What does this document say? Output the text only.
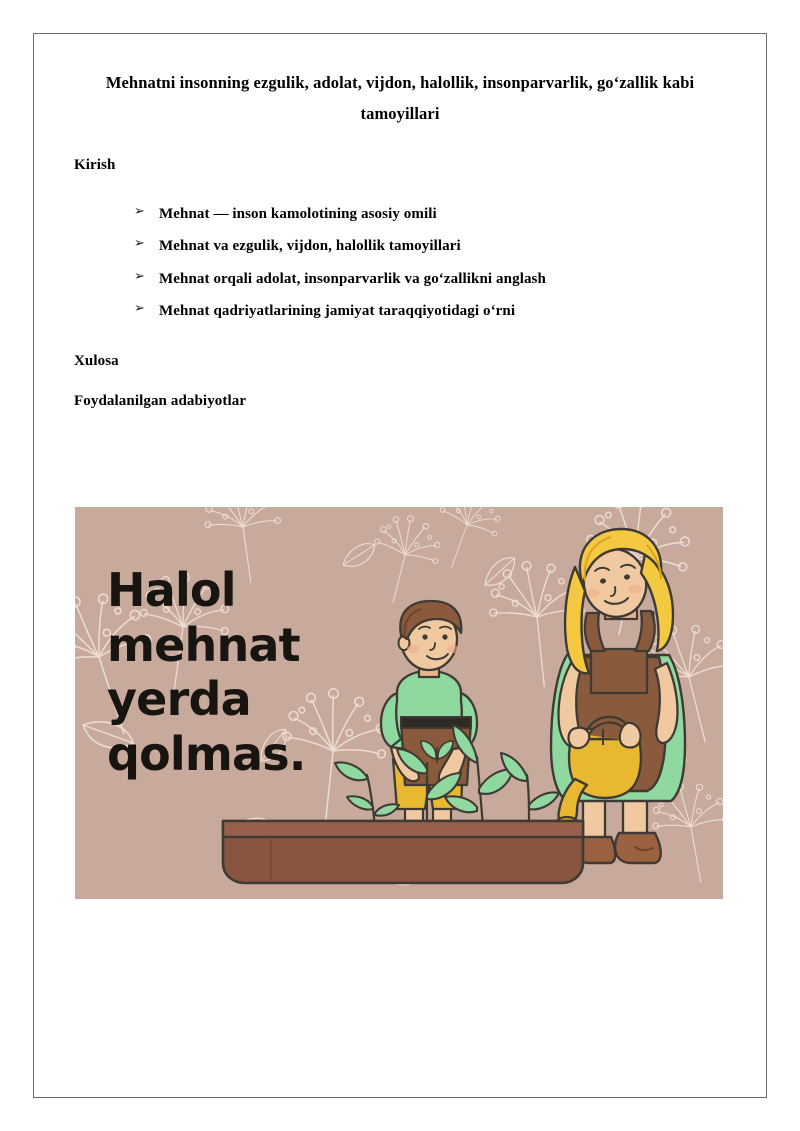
Mehnatni insonning ezgulik, adolat, vijdon, halollik, insonparvarlik, go‘zallik kabi
tamoyillari
Kirish
➢ Mehnat — inson kamolotining asosiy omili
➢ Mehnat va ezgulik, vijdon, halollik tamoyillari
➢ Mehnat orqali adolat, insonparvarlik va go‘zallikni anglash
➢ Mehnat qadriyatlarining jamiyat taraqqiyotidagi o‘rni
Xulosa
Foydalanilgan adabiyotlar
Halol
mehnat
yerda
qolmas.
